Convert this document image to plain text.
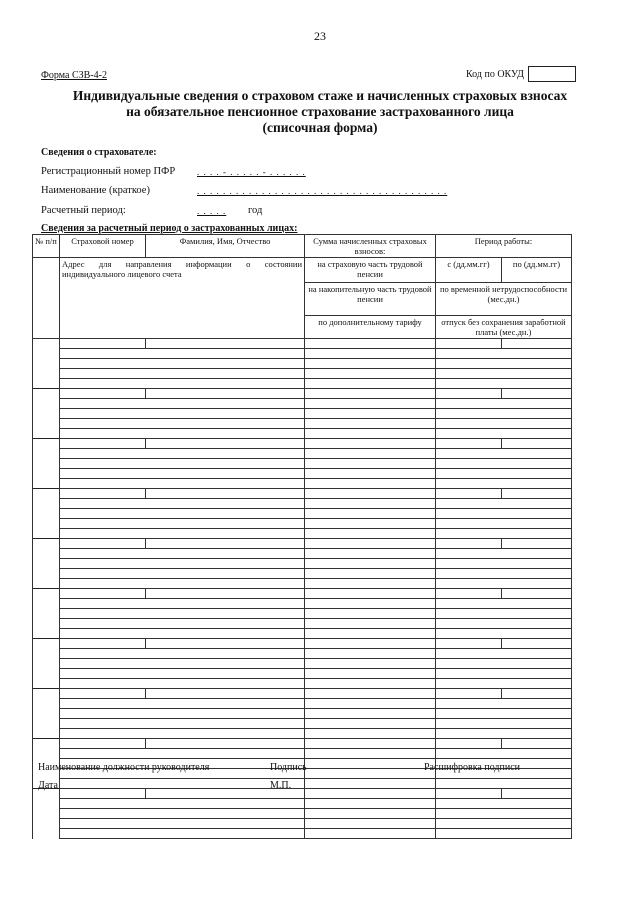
23
Форма СЗВ-4-2	Код по ОКУД
Индивидуальные сведения о страховом стаже и начисленных страховых взносах
на обязательное пенсионное страхование застрахованного лица
(списочная форма)
Сведения о страхователе:
Регистрационный номер ПФР . . . . - . . . . . - . . . . . .
Наименование (краткое)	. . . . . . . . . . . . . . . . . . . . . . . . . . . . . . . . . . . . . . .
Расчетный период:	. . . . . год
Сведения за расчетный период о застрахованных лицах:
№ п/п	Страховой номер	Фамилия, Имя, Отчество	Сумма начисленных страховых взносов:	Период работы:	
	Адрес для направления информации о состоянии индивидуального лицевого счета		на страховую часть трудовой пенсии	с (дд.мм.гг)	по (дд.мм.гг)
			на накопительную часть трудовой пенсии	по временной нетрудоспособности (мес.дн.)	
			по дополнительному тарифу	отпуск без сохранения заработной платы (мес.дн.)	

Наименование должности руководителя	Подпись	Расшифровка подписи
Дата	М.П.
